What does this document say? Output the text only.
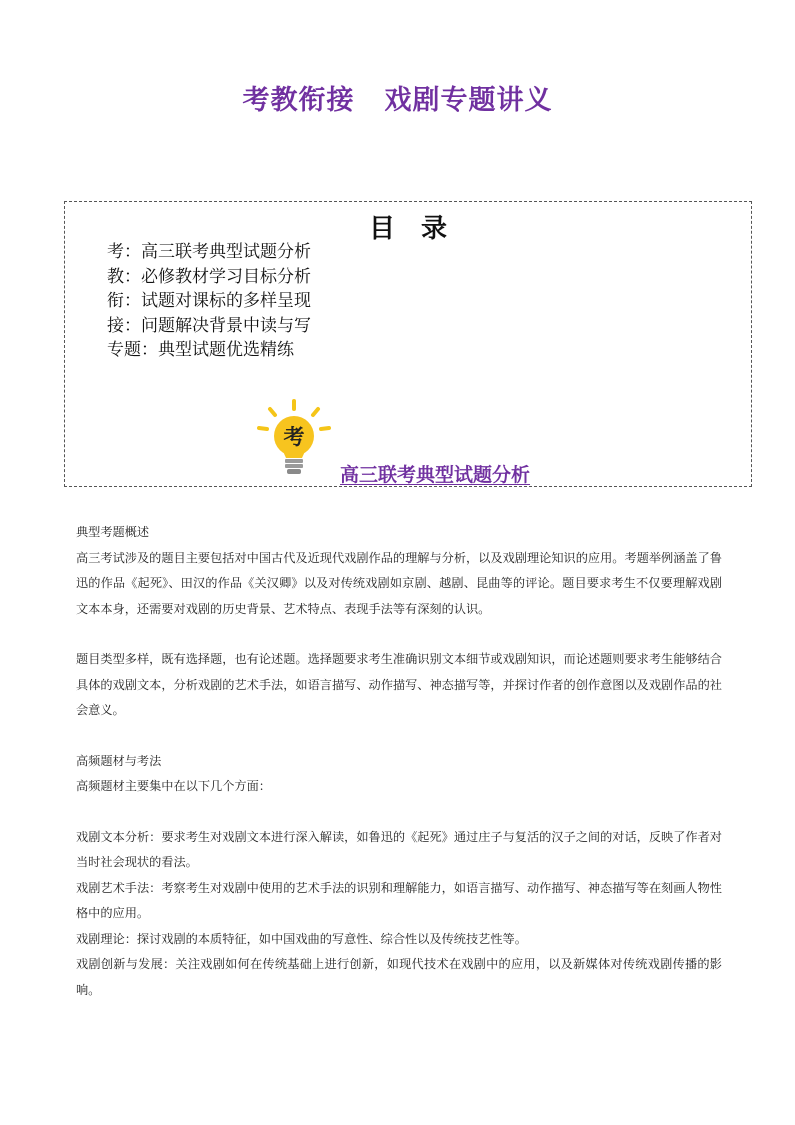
考教衔接 戏剧专题讲义
目　录
考：高三联考典型试题分析
教：必修教材学习目标分析
衔：试题对课标的多样呈现
接：问题解决背景中读与写
专题：典型试题优选精练
考
高三联考典型试题分析

典型考题概述

高三考试涉及的题目主要包括对中国古代及近现代戏剧作品的理解与分析，以及戏剧理论知识的应用。考题举例涵盖了鲁迅的作品《起死》、田汉的作品《关汉卿》以及对传统戏剧如京剧、越剧、昆曲等的评论。题目要求考生不仅要理解戏剧文本本身，还需要对戏剧的历史背景、艺术特点、表现手法等有深刻的认识。

题目类型多样，既有选择题，也有论述题。选择题要求考生准确识别文本细节或戏剧知识，而论述题则要求考生能够结合具体的戏剧文本，分析戏剧的艺术手法，如语言描写、动作描写、神态描写等，并探讨作者的创作意图以及戏剧作品的社会意义。

高频题材与考法

高频题材主要集中在以下几个方面：

戏剧文本分析：要求考生对戏剧文本进行深入解读，如鲁迅的《起死》通过庄子与复活的汉子之间的对话，反映了作者对当时社会现状的看法。

戏剧艺术手法：考察考生对戏剧中使用的艺术手法的识别和理解能力，如语言描写、动作描写、神态描写等在刻画人物性格中的应用。

戏剧理论：探讨戏剧的本质特征，如中国戏曲的写意性、综合性以及传统技艺性等。

戏剧创新与发展：关注戏剧如何在传统基础上进行创新，如现代技术在戏剧中的应用，以及新媒体对传统戏剧传播的影响。
